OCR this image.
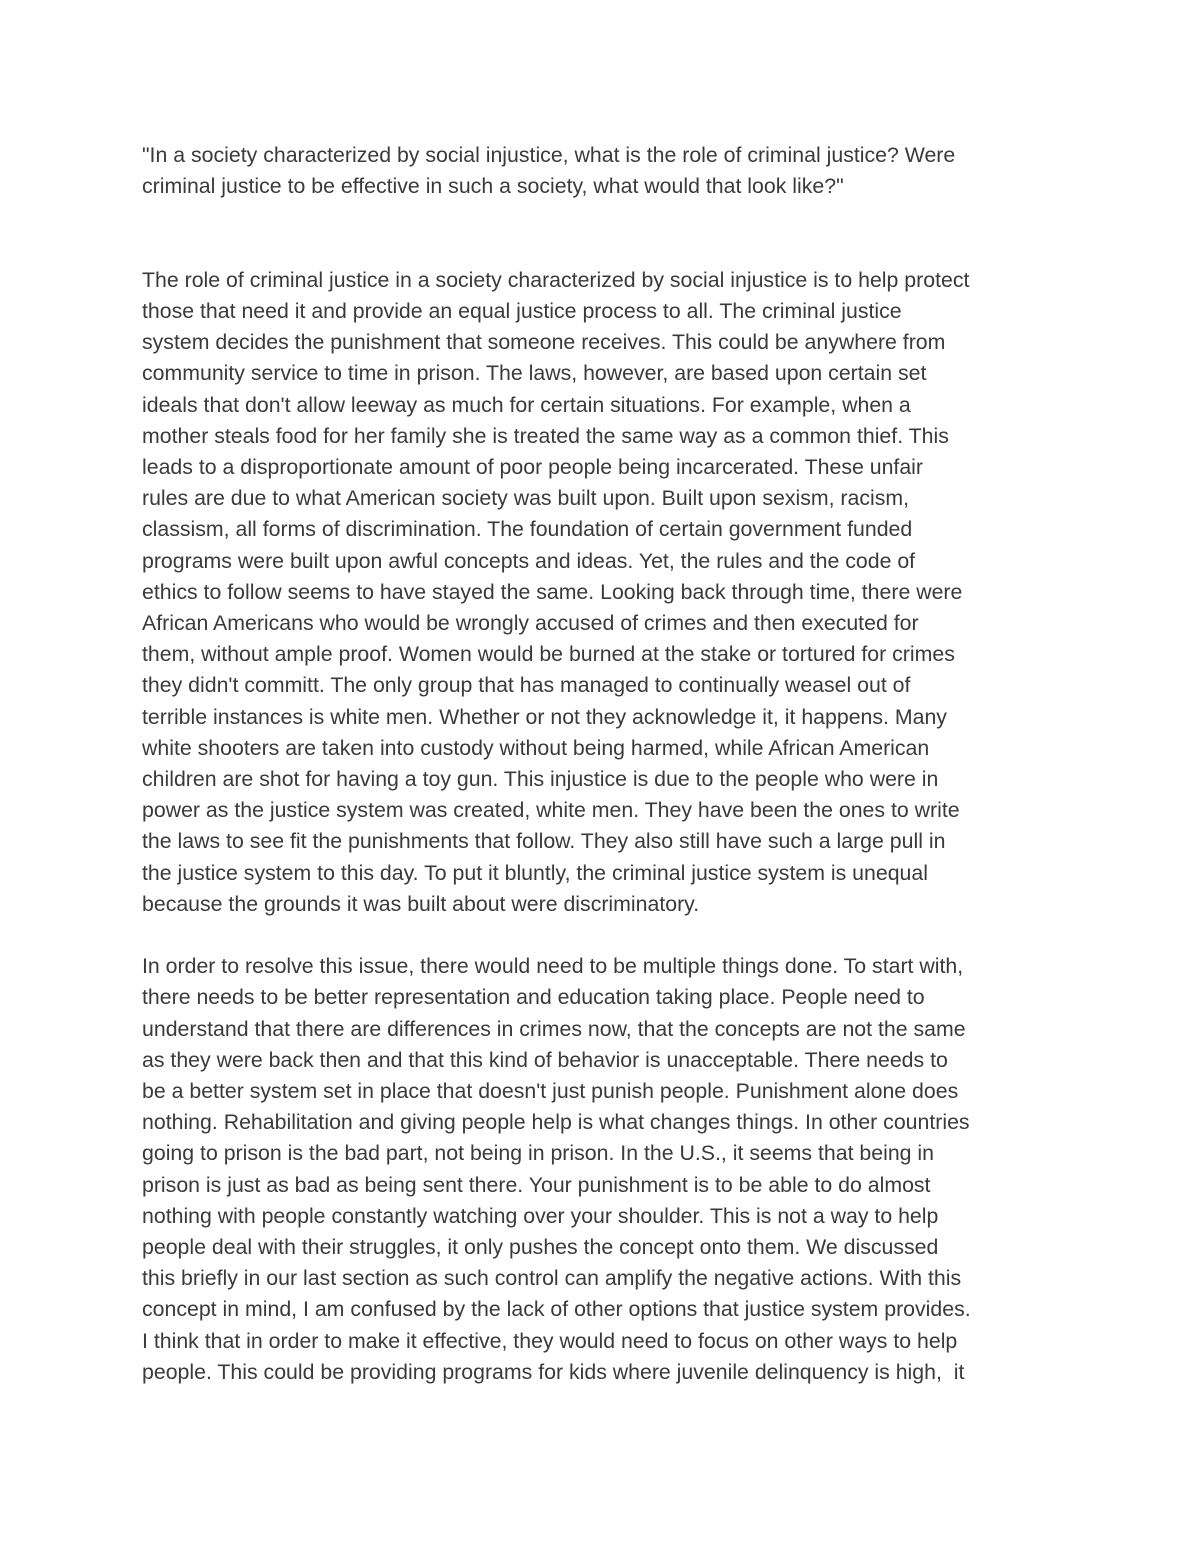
"In a society characterized by social injustice, what is the role of criminal justice? Were
criminal justice to be effective in such a society, what would that look like?"
The role of criminal justice in a society characterized by social injustice is to help protect
those that need it and provide an equal justice process to all. The criminal justice
system decides the punishment that someone receives. This could be anywhere from
community service to time in prison. The laws, however, are based upon certain set
ideals that don't allow leeway as much for certain situations. For example, when a
mother steals food for her family she is treated the same way as a common thief. This
leads to a disproportionate amount of poor people being incarcerated. These unfair
rules are due to what American society was built upon. Built upon sexism, racism,
classism, all forms of discrimination. The foundation of certain government funded
programs were built upon awful concepts and ideas. Yet, the rules and the code of
ethics to follow seems to have stayed the same. Looking back through time, there were
African Americans who would be wrongly accused of crimes and then executed for
them, without ample proof. Women would be burned at the stake or tortured for crimes
they didn't committ. The only group that has managed to continually weasel out of
terrible instances is white men. Whether or not they acknowledge it, it happens. Many
white shooters are taken into custody without being harmed, while African American
children are shot for having a toy gun. This injustice is due to the people who were in
power as the justice system was created, white men. They have been the ones to write
the laws to see fit the punishments that follow. They also still have such a large pull in
the justice system to this day. To put it bluntly, the criminal justice system is unequal
because the grounds it was built about were discriminatory.
In order to resolve this issue, there would need to be multiple things done. To start with,
there needs to be better representation and education taking place. People need to
understand that there are differences in crimes now, that the concepts are not the same
as they were back then and that this kind of behavior is unacceptable. There needs to
be a better system set in place that doesn't just punish people. Punishment alone does
nothing. Rehabilitation and giving people help is what changes things. In other countries
going to prison is the bad part, not being in prison. In the U.S., it seems that being in
prison is just as bad as being sent there. Your punishment is to be able to do almost
nothing with people constantly watching over your shoulder. This is not a way to help
people deal with their struggles, it only pushes the concept onto them. We discussed
this briefly in our last section as such control can amplify the negative actions. With this
concept in mind, I am confused by the lack of other options that justice system provides.
I think that in order to make it effective, they would need to focus on other ways to help
people. This could be providing programs for kids where juvenile delinquency is high,  it
